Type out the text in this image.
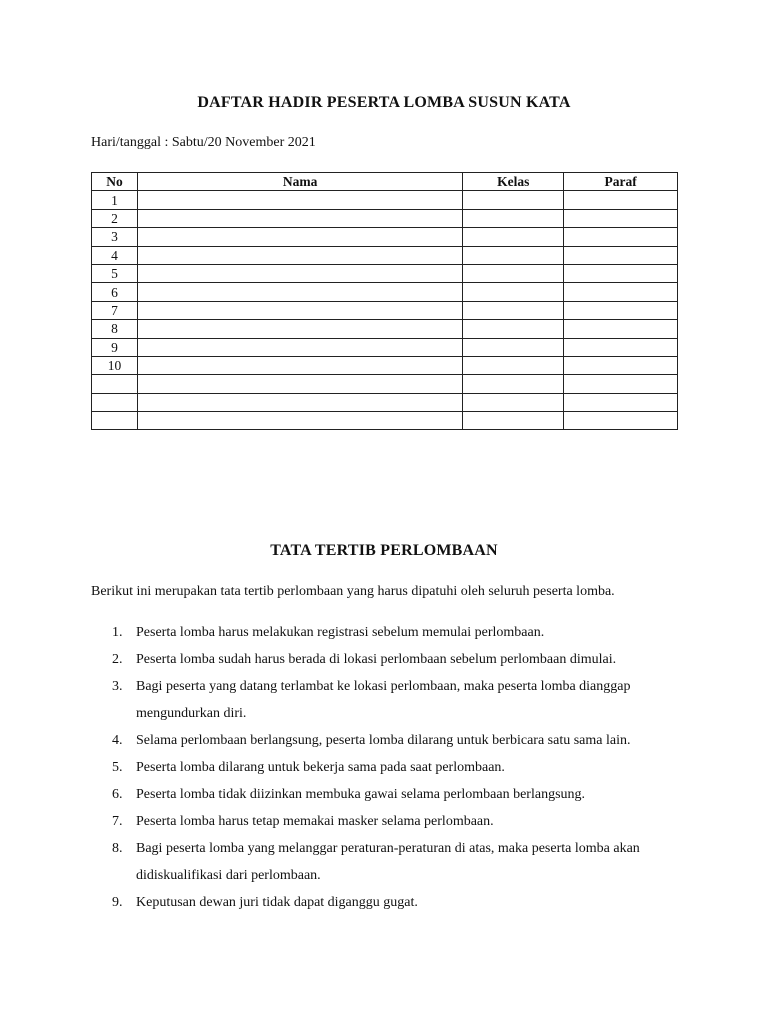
DAFTAR HADIR PESERTA LOMBA SUSUN KATA
Hari/tanggal : Sabtu/20 November 2021
No	Nama	Kelas	Paraf
1			
2			
3			
4			
5			
6			
7			
8			
9			
10			

TATA TERTIB PERLOMBAAN
Berikut ini merupakan tata tertib perlombaan yang harus dipatuhi oleh seluruh peserta lomba.
1. Peserta lomba harus melakukan registrasi sebelum memulai perlombaan.
2. Peserta lomba sudah harus berada di lokasi perlombaan sebelum perlombaan dimulai.
3. Bagi peserta yang datang terlambat ke lokasi perlombaan, maka peserta lomba dianggap mengundurkan diri.
4. Selama perlombaan berlangsung, peserta lomba dilarang untuk berbicara satu sama lain.
5. Peserta lomba dilarang untuk bekerja sama pada saat perlombaan.
6. Peserta lomba tidak diizinkan membuka gawai selama perlombaan berlangsung.
7. Peserta lomba harus tetap memakai masker selama perlombaan.
8. Bagi peserta lomba yang melanggar peraturan-peraturan di atas, maka peserta lomba akan didiskualifikasi dari perlombaan.
9. Keputusan dewan juri tidak dapat diganggu gugat.
